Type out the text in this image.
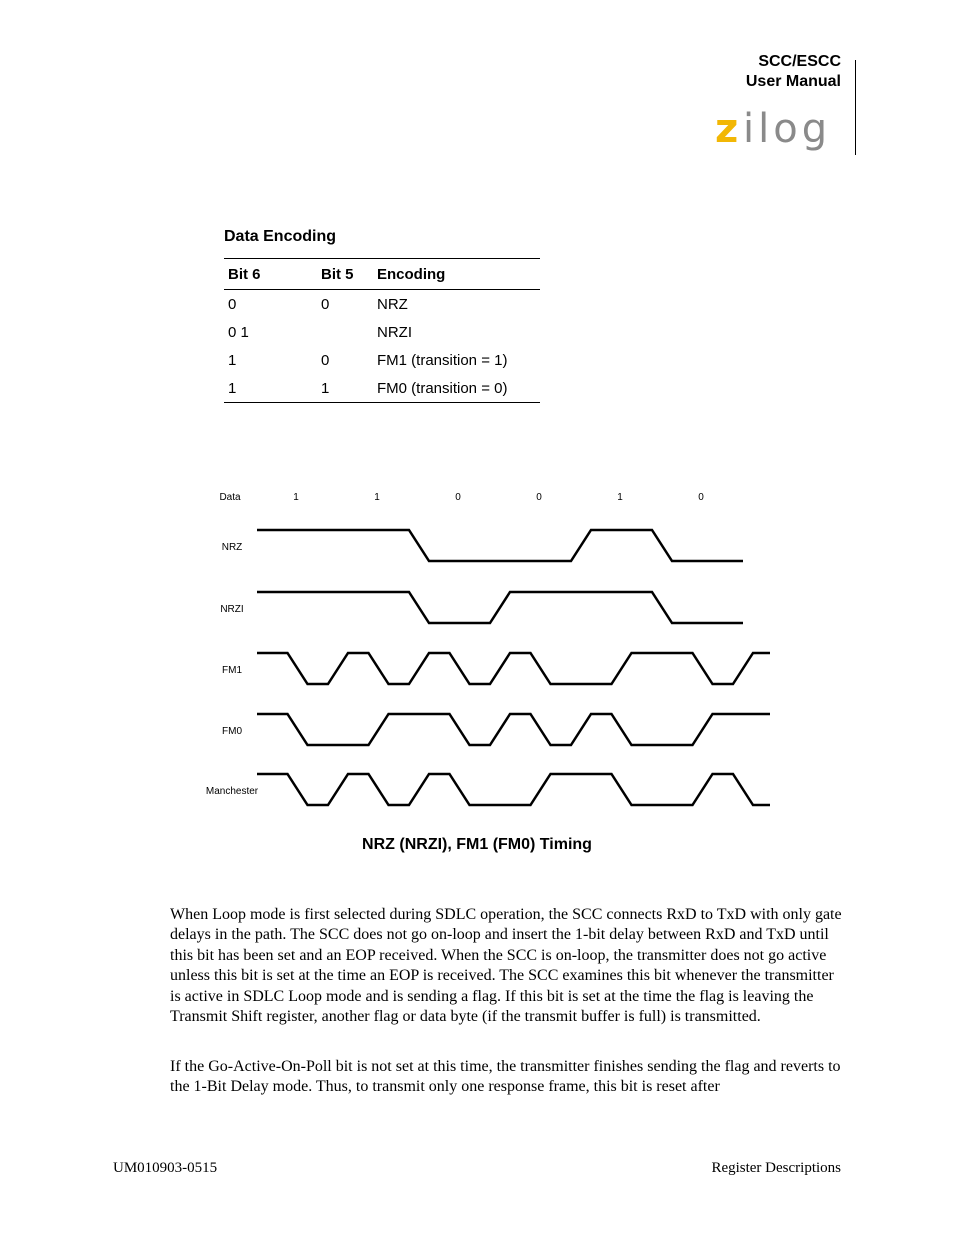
SCC/ESCC
User Manual
z ilog
Data Encoding
Bit 6	Bit 5	Encoding
0	0	NRZ
0 1		NRZI
1	0	FM1 (transition = 1)
1	1	FM0 (transition = 0)
Data	1	1	0	0	1	0
NRZ
NRZI
FM1
FM0
Manchester
NRZ (NRZI), FM1 (FM0) Timing

When Loop mode is first selected during SDLC operation, the SCC connects RxD to TxD with only gate delays in the path. The SCC does not go on-loop and insert the 1-bit delay between RxD and TxD until this bit has been set and an EOP received. When the SCC is on-loop, the transmitter does not go active unless this bit is set at the time an EOP is received. The SCC examines this bit whenever the transmitter is active in SDLC Loop mode and is sending a flag. If this bit is set at the time the flag is leaving the Transmit Shift register, another flag or data byte (if the transmit buffer is full) is transmitted.

If the Go-Active-On-Poll bit is not set at this time, the transmitter finishes sending the flag and reverts to the 1-Bit Delay mode. Thus, to transmit only one response frame, this bit is reset after

UM010903-0515	Register Descriptions
